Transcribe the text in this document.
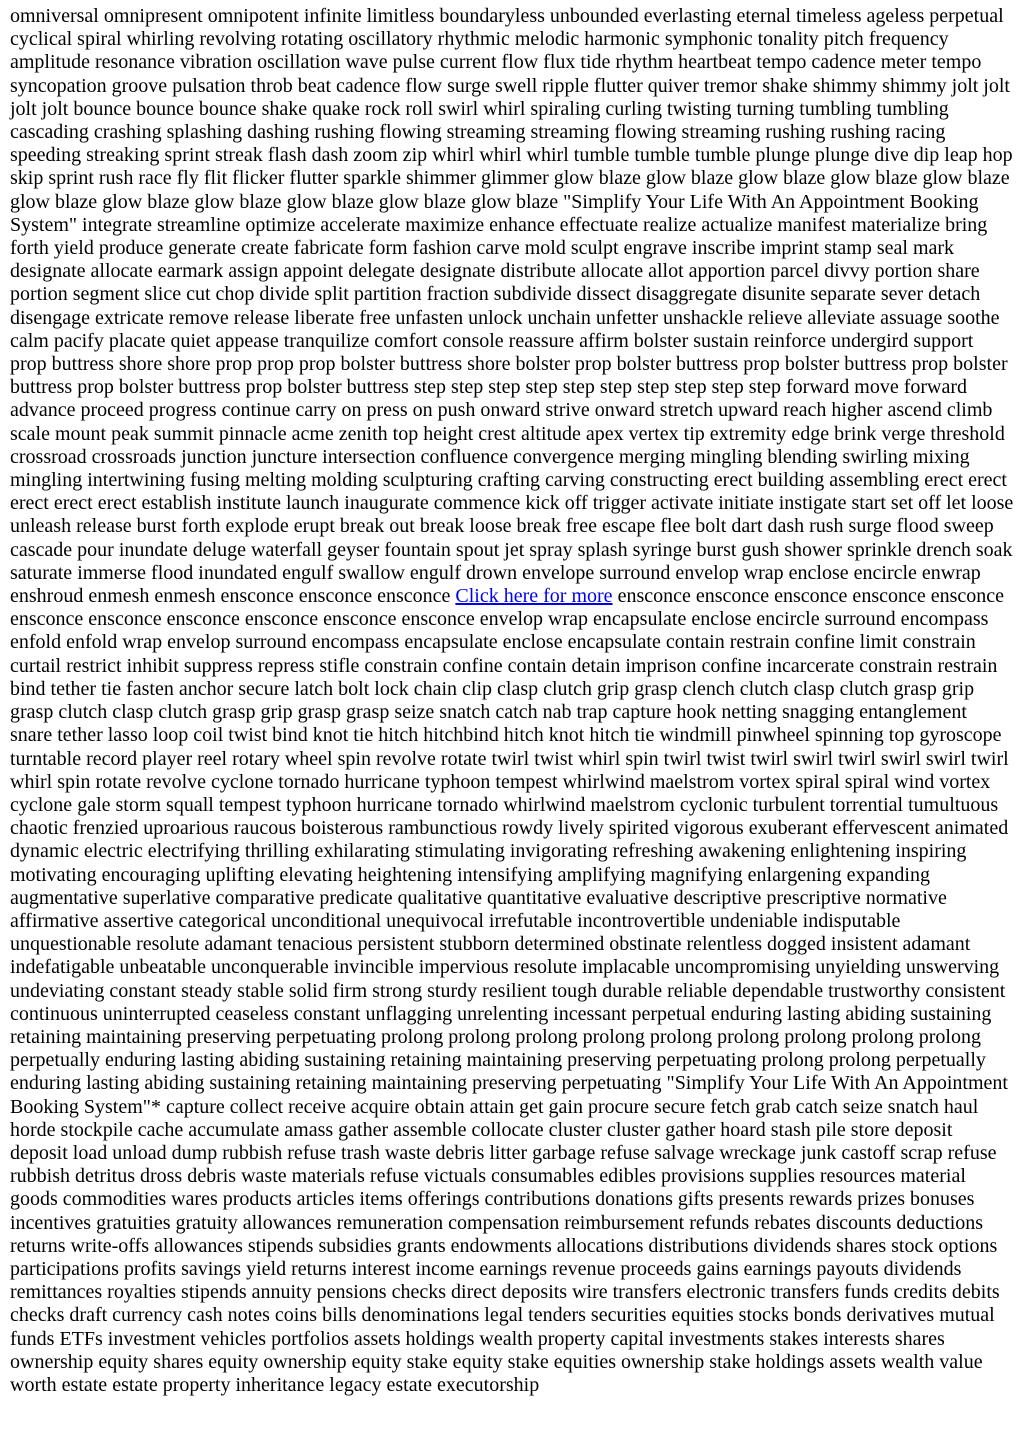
omniversal omnipresent omnipotent infinite limitless boundaryless unbounded everlasting eternal timeless ageless perpetual cyclical spiral whirling revolving rotating oscillatory rhythmic melodic harmonic symphonic tonality pitch frequency amplitude resonance vibration oscillation wave pulse current flow flux tide rhythm heartbeat tempo cadence meter tempo syncopation groove pulsation throb beat cadence flow surge swell ripple flutter quiver tremor shake shimmy shimmy jolt jolt jolt jolt bounce bounce bounce shake quake rock roll swirl whirl spiraling curling twisting turning tumbling tumbling cascading crashing splashing dashing rushing flowing streaming streaming flowing streaming rushing rushing racing speeding streaking sprint streak flash dash zoom zip whirl whirl whirl tumble tumble tumble plunge plunge dive dip leap hop skip sprint rush race fly flit flicker flutter sparkle shimmer glimmer glow blaze glow blaze glow blaze glow blaze glow blaze glow blaze glow blaze glow blaze glow blaze glow blaze glow blaze "Simplify Your Life With An Appointment Booking System" integrate streamline optimize accelerate maximize enhance effectuate realize actualize manifest materialize bring forth yield produce generate create fabricate form fashion carve mold sculpt engrave inscribe imprint stamp seal mark designate allocate earmark assign appoint delegate designate distribute allocate allot apportion parcel divvy portion share portion segment slice cut chop divide split partition fraction subdivide dissect disaggregate disunite separate sever detach disengage extricate remove release liberate free unfasten unlock unchain unfetter unshackle relieve alleviate assuage soothe calm pacify placate quiet appease tranquilize comfort console reassure affirm bolster sustain reinforce undergird support prop buttress shore shore prop prop prop bolster buttress shore bolster prop bolster buttress prop bolster buttress prop bolster buttress prop bolster buttress prop bolster buttress step step step step step step step step step step forward move forward advance proceed progress continue carry on press on push onward strive onward stretch upward reach higher ascend climb scale mount peak summit pinnacle acme zenith top height crest altitude apex vertex tip extremity edge brink verge threshold crossroad crossroads junction juncture intersection confluence convergence merging mingling blending swirling mixing mingling intertwining fusing melting molding sculpturing crafting carving constructing erect building assembling erect erect erect erect erect establish institute launch inaugurate commence kick off trigger activate initiate instigate start set off let loose unleash release burst forth explode erupt break out break loose break free escape flee bolt dart dash rush surge flood sweep cascade pour inundate deluge waterfall geyser fountain spout jet spray splash syringe burst gush shower sprinkle drench soak saturate immerse flood inundated engulf swallow engulf drown envelope surround envelop wrap enclose encircle enwrap enshroud enmesh enmesh ensconce ensconce ensconce Click here for more ensconce ensconce ensconce ensconce ensconce ensconce ensconce ensconce ensconce ensconce ensconce envelop wrap encapsulate enclose encircle surround encompass enfold enfold wrap envelop surround encompass encapsulate enclose encapsulate contain restrain confine limit constrain curtail restrict inhibit suppress repress stifle constrain confine contain detain imprison confine incarcerate constrain restrain bind tether tie fasten anchor secure latch bolt lock chain clip clasp clutch grip grasp clench clutch clasp clutch grasp grip grasp clutch clasp clutch grasp grip grasp grasp seize snatch catch nab trap capture hook netting snagging entanglement snare tether lasso loop coil twist bind knot tie hitch hitchbind hitch knot hitch tie windmill pinwheel spinning top gyroscope turntable record player reel rotary wheel spin revolve rotate twirl twist whirl spin twirl twist twirl swirl twirl swirl swirl twirl whirl spin rotate revolve cyclone tornado hurricane typhoon tempest whirlwind maelstrom vortex spiral spiral wind vortex cyclone gale storm squall tempest typhoon hurricane tornado whirlwind maelstrom cyclonic turbulent torrential tumultuous chaotic frenzied uproarious raucous boisterous rambunctious rowdy lively spirited vigorous exuberant effervescent animated dynamic electric electrifying thrilling exhilarating stimulating invigorating refreshing awakening enlightening inspiring motivating encouraging uplifting elevating heightening intensifying amplifying magnifying enlargening expanding augmentative superlative comparative predicate qualitative quantitative evaluative descriptive prescriptive normative affirmative assertive categorical unconditional unequivocal irrefutable incontrovertible undeniable indisputable unquestionable resolute adamant tenacious persistent stubborn determined obstinate relentless dogged insistent adamant indefatigable unbeatable unconquerable invincible impervious resolute implacable uncompromising unyielding unswerving undeviating constant steady stable solid firm strong sturdy resilient tough durable reliable dependable trustworthy consistent continuous uninterrupted ceaseless constant unflagging unrelenting incessant perpetual enduring lasting abiding sustaining retaining maintaining preserving perpetuating prolong prolong prolong prolong prolong prolong prolong prolong prolong perpetually enduring lasting abiding sustaining retaining maintaining preserving perpetuating prolong prolong perpetually enduring lasting abiding sustaining retaining maintaining preserving perpetuating "Simplify Your Life With An Appointment Booking System"* capture collect receive acquire obtain attain get gain procure secure fetch grab catch seize snatch haul horde stockpile cache accumulate amass gather assemble collocate cluster cluster gather hoard stash pile store deposit deposit load unload dump rubbish refuse trash waste debris litter garbage refuse salvage wreckage junk castoff scrap refuse rubbish detritus dross debris waste materials refuse victuals consumables edibles provisions supplies resources material goods commodities wares products articles items offerings contributions donations gifts presents rewards prizes bonuses incentives gratuities gratuity allowances remuneration compensation reimbursement refunds rebates discounts deductions returns write-offs allowances stipends subsidies grants endowments allocations distributions dividends shares stock options participations profits savings yield returns interest income earnings revenue proceeds gains earnings payouts dividends remittances royalties stipends annuity pensions checks direct deposits wire transfers electronic transfers funds credits debits checks draft currency cash notes coins bills denominations legal tenders securities equities stocks bonds derivatives mutual funds ETFs investment vehicles portfolios assets holdings wealth property capital investments stakes interests shares ownership equity shares equity ownership equity stake equity stake equities ownership stake holdings assets wealth value worth estate estate property inheritance legacy estate executorship
